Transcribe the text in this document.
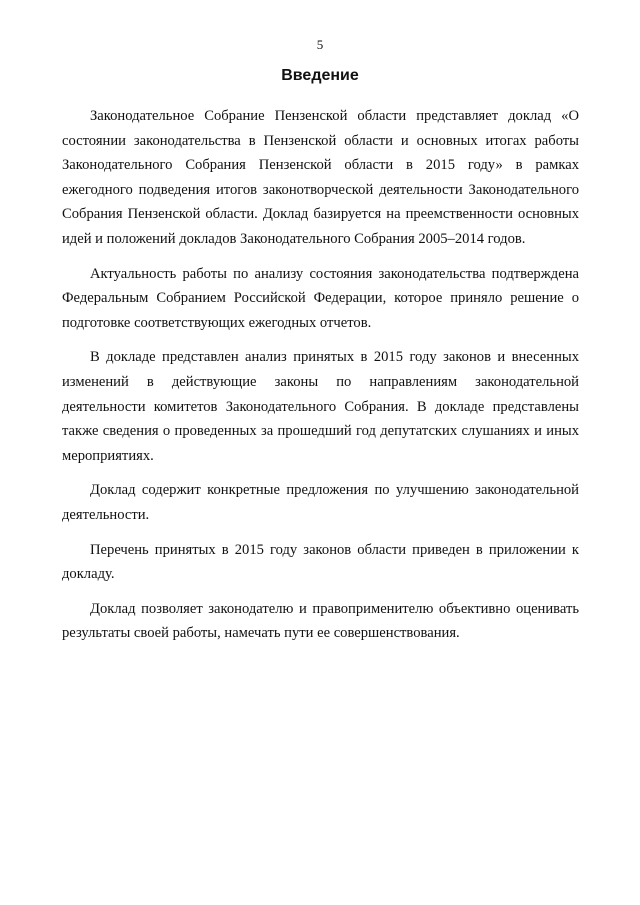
5
Введение

Законодательное Собрание Пензенской области представляет доклад «О состоянии законодательства в Пензенской области и основных итогах работы Законодательного Собрания Пензенской области в 2015 году» в рамках ежегодного подведения итогов законотворческой деятельности Законодательного Собрания Пензенской области. Доклад базируется на преемственности основных идей и положений докладов Законодательного Собрания 2005–2014 годов.

Актуальность работы по анализу состояния законодательства подтверждена Федеральным Собранием Российской Федерации, которое приняло решение о подготовке соответствующих ежегодных отчетов.

В докладе представлен анализ принятых в 2015 году законов и внесенных изменений в действующие законы по направлениям законодательной деятельности комитетов Законодательного Собрания. В докладе представлены также сведения о проведенных за прошедший год депутатских слушаниях и иных мероприятиях.

Доклад содержит конкретные предложения по улучшению законодательной деятельности.

Перечень принятых в 2015 году законов области приведен в приложении к докладу.

Доклад позволяет законодателю и правоприменителю объективно оценивать результаты своей работы, намечать пути ее совершенствования.
